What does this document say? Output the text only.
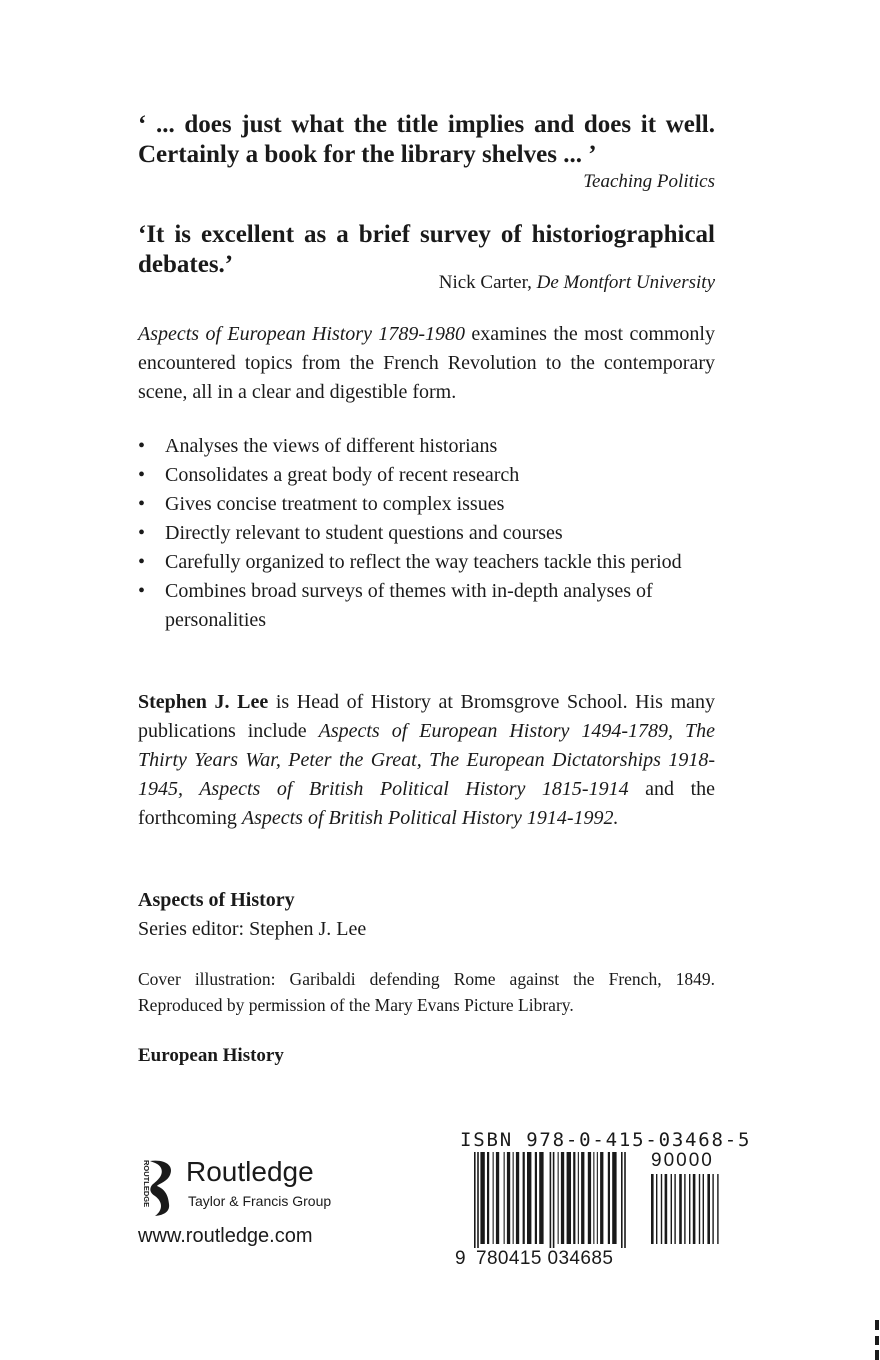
‘ ... does just what the title implies and does it well. Certainly a book for the library shelves ... ’

Teaching Politics

‘It is excellent as a brief survey of historiographical debates.’

Nick Carter, De Montfort University

Aspects of European History 1789-1980 examines the most commonly encountered topics from the French Revolution to the contemporary scene, all in a clear and digestible form.

• Analyses the views of different historians
• Consolidates a great body of recent research
• Gives concise treatment to complex issues
• Directly relevant to student questions and courses
• Carefully organized to reflect the way teachers tackle this period
• Combines broad surveys of themes with in-depth analyses of personalities

Stephen J. Lee is Head of History at Bromsgrove School. His many publications include Aspects of European History 1494-1789, The Thirty Years War, Peter the Great, The European Dictatorships 1918-1945, Aspects of British Political History 1815-1914 and the forthcoming Aspects of British Political History 1914-1992.

Aspects of History
Series editor: Stephen J. Lee

Cover illustration: Garibaldi defending Rome against the French, 1849. Reproduced by permission of the Mary Evans Picture Library.

European History
ROUTLEDGE Routledge
Taylor & Francis Group
www.routledge.com
ISBN 978-0-415-03468-5
90000
9 780415 034685
